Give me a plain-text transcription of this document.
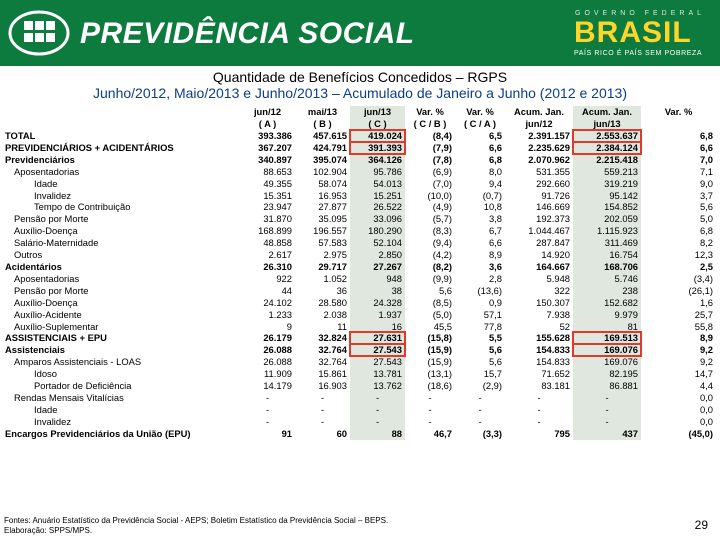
PREVIDÊNCIA SOCIAL
GOVERNO FEDERAL
BRASIL
PAÍS RICO É PAÍS SEM POBREZA
Quantidade de Benefícios Concedidos – RGPS
Junho/2012, Maio/2013 e Junho/2013 – Acumulado de Janeiro a Junho (2012 e 2013)
	jun/12	mai/13	jun/13	Var. %	Var. %	Acum. Jan.	Acum. Jan.	Var. %
	( A )	( B )	( C )	( C / B )	( C / A )	jun/12	jun/13	
TOTAL	393.386	457.615	419.024	(8,4)	6,5	2.391.157	2.553.637	6,8
PREVIDENCIÁRIOS + ACIDENTÁRIOS	367.207	424.791	391.393	(7,9)	6,6	2.235.629	2.384.124	6,6
Previdenciários	340.897	395.074	364.126	(7,8)	6,8	2.070.962	2.215.418	7,0
Aposentadorias	88.653	102.904	95.786	(6,9)	8,0	531.355	559.213	7,1
Idade	49.355	58.074	54.013	(7,0)	9,4	292.660	319.219	9,0
Invalidez	15.351	16.953	15.251	(10,0)	(0,7)	91.726	95.142	3,7
Tempo de Contribuição	23.947	27.877	26.522	(4,9)	10,8	146.669	154.852	5,6
Pensão por Morte	31.870	35.095	33.096	(5,7)	3,8	192.373	202.059	5,0
Auxílio-Doença	168.899	196.557	180.290	(8,3)	6,7	1.044.467	1.115.923	6,8
Salário-Maternidade	48.858	57.583	52.104	(9,4)	6,6	287.847	311.469	8,2
Outros	2.617	2.975	2.850	(4,2)	8,9	14.920	16.754	12,3
Acidentários	26.310	29.717	27.267	(8,2)	3,6	164.667	168.706	2,5
Aposentadorias	922	1.052	948	(9,9)	2,8	5.948	5.746	(3,4)
Pensão por Morte	44	36	38	5,6	(13,6)	322	238	(26,1)
Auxílio-Doença	24.102	28.580	24.328	(8,5)	0,9	150.307	152.682	1,6
Auxílio-Acidente	1.233	2.038	1.937	(5,0)	57,1	7.938	9.979	25,7
Auxílio-Suplementar	9	11	16	45,5	77,8	52	81	55,8
ASSISTENCIAIS + EPU	26.179	32.824	27.631	(15,8)	5,5	155.628	169.513	8,9
Assistenciais	26.088	32.764	27.543	(15,9)	5,6	154.833	169.076	9,2
Amparos Assistenciais - LOAS	26.088	32.764	27.543	(15,9)	5,6	154.833	169.076	9,2
Idoso	11.909	15.861	13.781	(13,1)	15,7	71.652	82.195	14,7
Portador de Deficiência	14.179	16.903	13.762	(18,6)	(2,9)	83.181	86.881	4,4
Rendas Mensais Vitalícias	-	-	-	-	-	-	-	0,0
Idade	-	-	-	-	-	-	-	0,0
Invalidez	-	-	-	-	-	-	-	0,0
Encargos Previdenciários da União (EPU)	91	60	88	46,7	(3,3)	795	437	(45,0)
Fontes: Anuário Estatístico da Previdência Social - AEPS; Boletim Estatístico da Previdência Social – BEPS.
Elaboração: SPPS/MPS.	29
